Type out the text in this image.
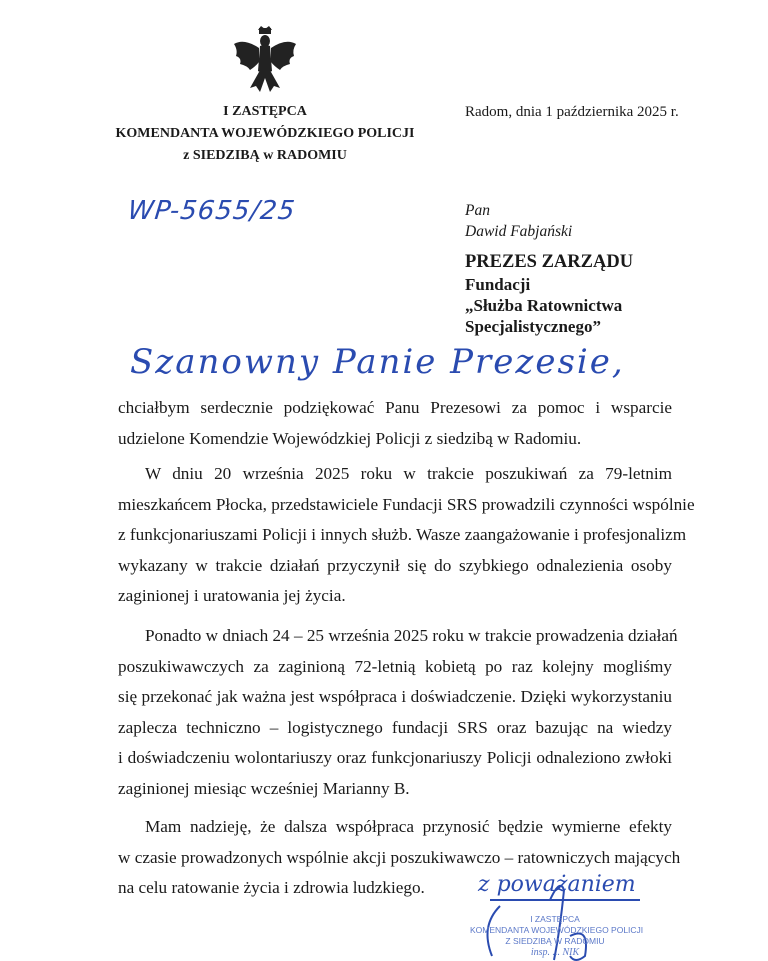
I ZASTĘPCA
KOMENDANTA WOJEWÓDZKIEGO POLICJI
z SIEDZIBĄ w RADOMIU
Radom, dnia 1 października 2025 r.
WP-5655/25	Pan
Dawid Fabjański
PREZES ZARZĄDU
Fundacji
„Służba Ratownictwa
Specjalistycznego”
Szanowny Panie Prezesie,
chciałbym serdecznie podziękować Panu Prezesowi za pomoc i wsparcie
udzielone Komendzie Wojewódzkiej Policji z siedzibą w Radomiu.
W dniu 20 września 2025 roku w trakcie poszukiwań za 79-letnim
mieszkańcem Płocka, przedstawiciele Fundacji SRS prowadzili czynności wspólnie
z funkcjonariuszami Policji i innych służb. Wasze zaangażowanie i profesjonalizm
wykazany w trakcie działań przyczynił się do szybkiego odnalezienia osoby
zaginionej i uratowania jej życia.
Ponadto w dniach 24 – 25 września 2025 roku w trakcie prowadzenia działań
poszukiwawczych za zaginioną 72-letnią kobietą po raz kolejny mogliśmy
się przekonać jak ważna jest współpraca i doświadczenie. Dzięki wykorzystaniu
zaplecza techniczno – logistycznego fundacji SRS oraz bazując na wiedzy
i doświadczeniu wolontariuszy oraz funkcjonariuszy Policji odnaleziono zwłoki
zaginionej miesiąc wcześniej Marianny B.
Mam nadzieję, że dalsza współpraca przynosić będzie wymierne efekty
w czasie prowadzonych wspólnie akcji poszukiwawczo – ratowniczych mających
na celu ratowanie życia i zdrowia ludzkiego.	z poważaniem
I ZASTĘPCA
KOMENDANTA WOJEWÓDZKIEGO POLICJI
Z SIEDZIBĄ W RADOMIU
insp. ... NIK
